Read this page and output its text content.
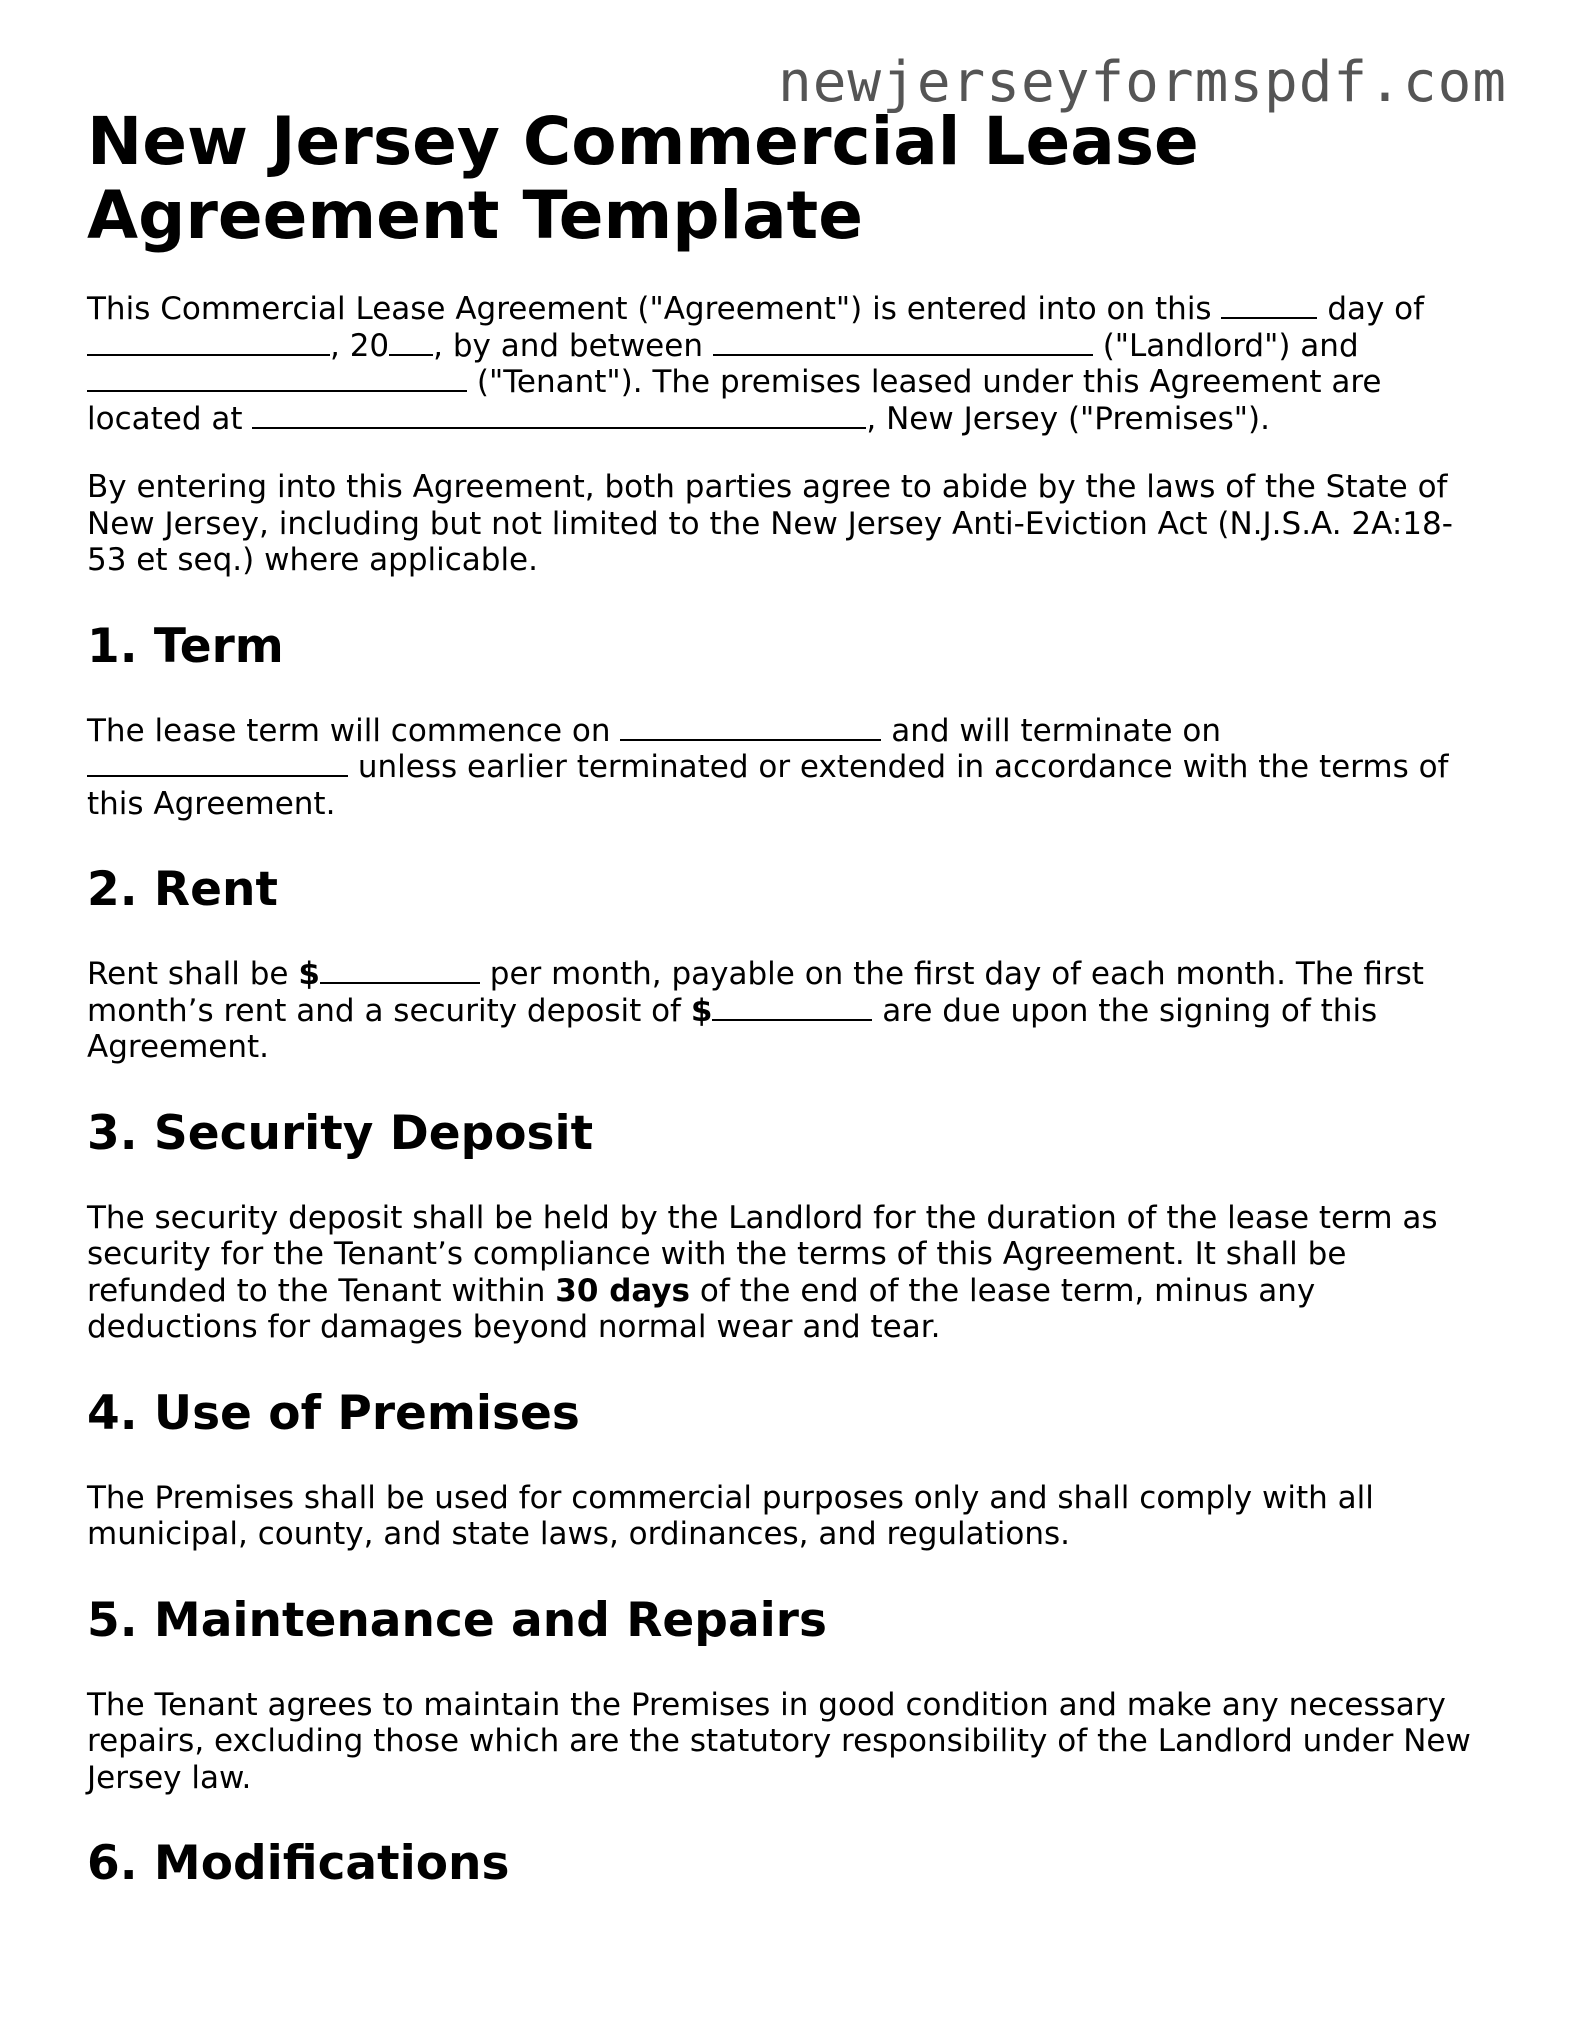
newjerseyformspdf.com
New Jersey Commercial Lease Agreement Template

This Commercial Lease Agreement ("Agreement") is entered into on this	day of , 20 , by and between	("Landlord") and  ("Tenant"). The premises leased under this Agreement are located at	, New Jersey ("Premises").

By entering into this Agreement, both parties agree to abide by the laws of the State of New Jersey, including but not limited to the New Jersey Anti-Eviction Act (N.J.S.A. 2A:18-53 et seq.) where applicable.

1. Term

The lease term will commence on	and will terminate on  unless earlier terminated or extended in accordance with the terms of this Agreement.

2. Rent

Rent shall be $	per month, payable on the first day of each month. The first month’s rent and a security deposit of $	are due upon the signing of this Agreement.

3. Security Deposit

The security deposit shall be held by the Landlord for the duration of the lease term as security for the Tenant’s compliance with the terms of this Agreement. It shall be refunded to the Tenant within 30 days of the end of the lease term, minus any deductions for damages beyond normal wear and tear.

4. Use of Premises

The Premises shall be used for commercial purposes only and shall comply with all municipal, county, and state laws, ordinances, and regulations.

5. Maintenance and Repairs

The Tenant agrees to maintain the Premises in good condition and make any necessary repairs, excluding those which are the statutory responsibility of the Landlord under New Jersey law.

6. Modifications
